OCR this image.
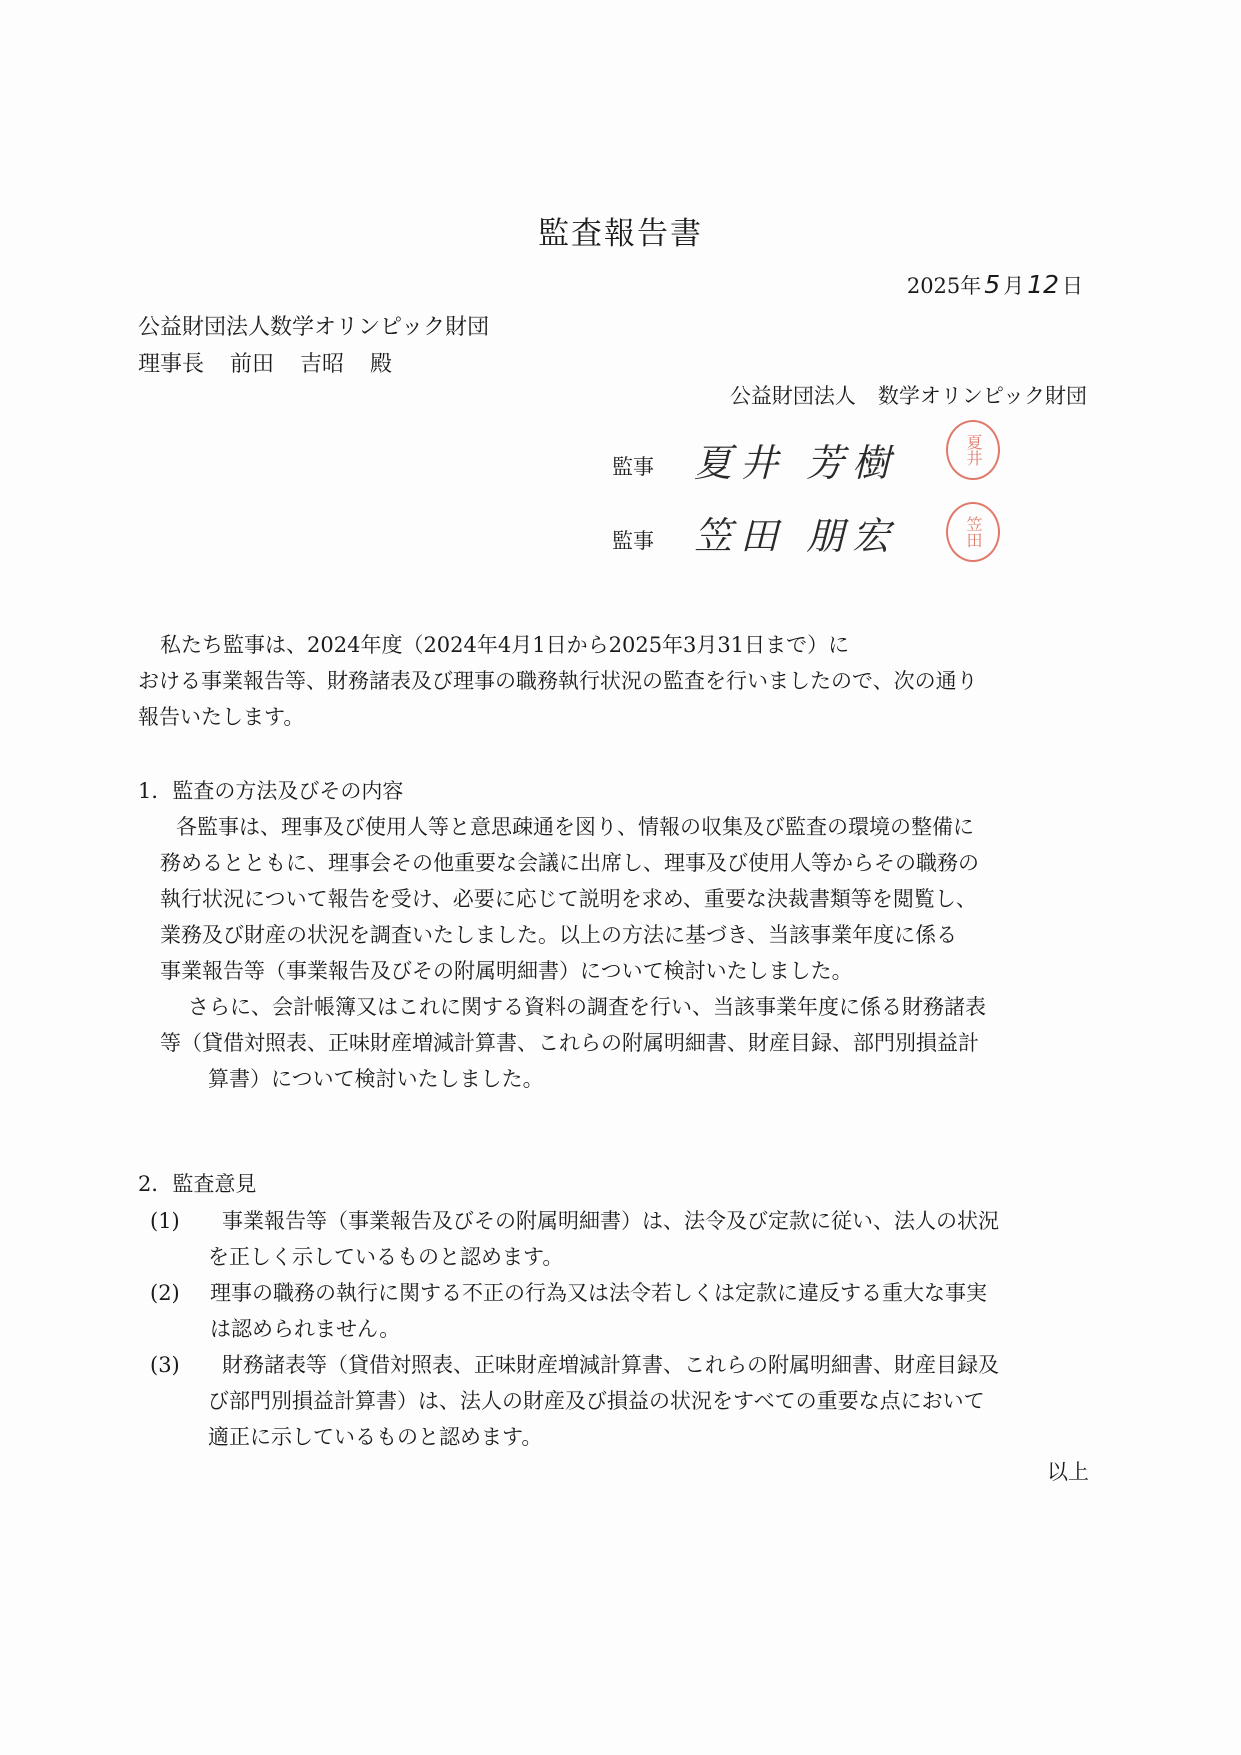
監査報告書
2025年 5 月 12 日
公益財団法人数学オリンピック財団
理事長 前田 吉昭 殿
公益財団法人 数学オリンピック財団
監事 夏井 芳樹	夏井
監事 笠田 朋宏	笠田
私たち監事は、2024年度（2024年4月1日から2025年3月31日まで）に
おける事業報告等、財務諸表及び理事の職務執行状況の監査を行いましたので、次の通り
報告いたします。
1．監査の方法及びその内容
各監事は、理事及び使用人等と意思疎通を図り、情報の収集及び監査の環境の整備に
務めるとともに、理事会その他重要な会議に出席し、理事及び使用人等からその職務の
執行状況について報告を受け、必要に応じて説明を求め、重要な決裁書類等を閲覧し、
業務及び財産の状況を調査いたしました。以上の方法に基づき、当該事業年度に係る
事業報告等（事業報告及びその附属明細書）について検討いたしました。
さらに、会計帳簿又はこれに関する資料の調査を行い、当該事業年度に係る財務諸表
等（貸借対照表、正味財産増減計算書、これらの附属明細書、財産目録、部門別損益計
算書）について検討いたしました。
2．監査意見
(1)	事業報告等（事業報告及びその附属明細書）は、法令及び定款に従い、法人の状況
を正しく示しているものと認めます。
(2)	理事の職務の執行に関する不正の行為又は法令若しくは定款に違反する重大な事実
は認められません。
(3)	財務諸表等（貸借対照表、正味財産増減計算書、これらの附属明細書、財産目録及
び部門別損益計算書）は、法人の財産及び損益の状況をすべての重要な点において
適正に示しているものと認めます。
以上
